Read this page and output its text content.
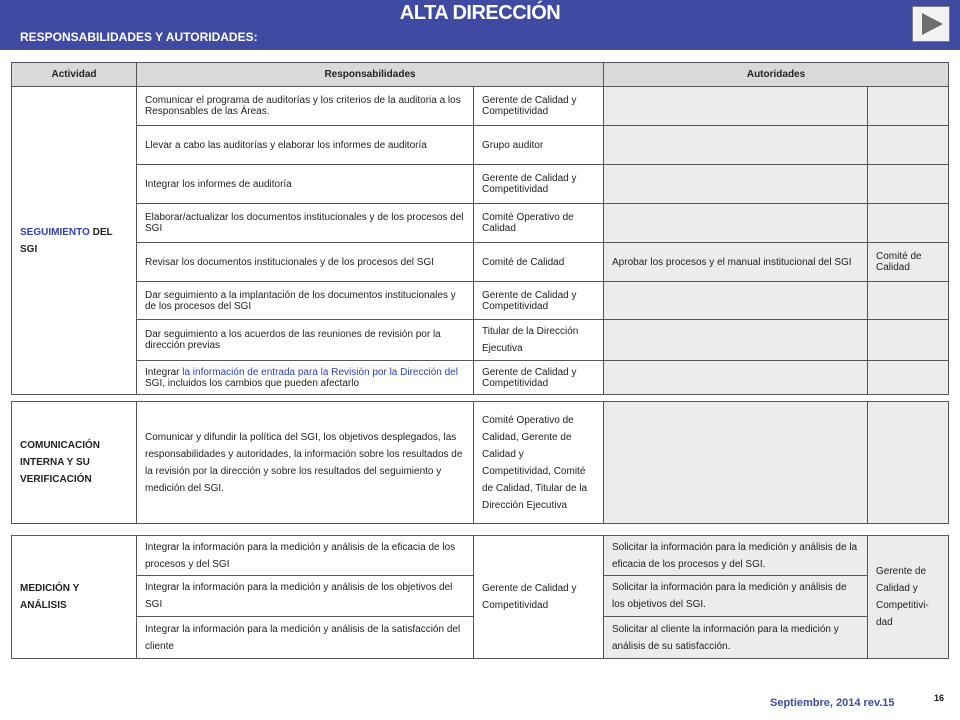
ALTA DIRECCIÓN
RESPONSABILIDADES Y AUTORIDADES:
Actividad	Responsabilidades		Autoridades	
SEGUIMIENTO DEL SGI	Comunicar el programa de auditorías y los criterios de la auditoria a los Responsables de las Áreas.	Gerente de Calidad y Competitividad		
	Llevar a cabo las auditorías y elaborar los informes de auditoría	Grupo auditor		
	Integrar los informes de auditoría	Gerente de Calidad y Competitividad		
	Elaborar/actualizar los documentos institucionales y de los procesos del SGI	Comité Operativo de Calidad		
	Revisar los documentos institucionales y de los procesos del SGI	Comité de Calidad	Aprobar los procesos y el manual institucional del SGI	Comité de Calidad
	Dar seguimiento a la implantación de los documentos institucionales y de los procesos del SGI	Gerente de Calidad y Competitividad		
	Dar seguimiento a los acuerdos de las reuniones de revisión por la dirección previas	Titular de la Dirección Ejecutiva		
	Integrar la información de entrada para la Revisión por la Dirección del SGI, incluidos los cambios que pueden afectarlo	Gerente de Calidad y Competitividad		
COMUNICACIÓN INTERNA Y SU VERIFICACIÓN	Comunicar y difundir la política del SGI, los objetivos desplegados, las responsabilidades y autoridades, la información sobre los resultados de la revisión por la dirección y sobre los resultados del seguimiento y medición del SGI.	Comité Operativo de Calidad, Gerente de Calidad y Competitividad, Comité de Calidad, Titular de la Dirección Ejecutiva		
MEDICIÓN Y ANÁLISIS	Integrar la información para la medición y análisis de la eficacia de los procesos y del SGI	Gerente de Calidad y Competitividad	Solicitar la información para la medición y análisis de la eficacia de los procesos y del SGI.	Gerente de Calidad y Competitivi-dad
	Integrar la información para la medición y análisis de los objetivos del SGI		Solicitar la información para la medición y análisis de los objetivos del SGI.	
	Integrar la información para la medición y análisis de la satisfacción del cliente		Solicitar al cliente la información para la medición y análisis de su satisfacción.	
Septiembre, 2014 rev.15	16
